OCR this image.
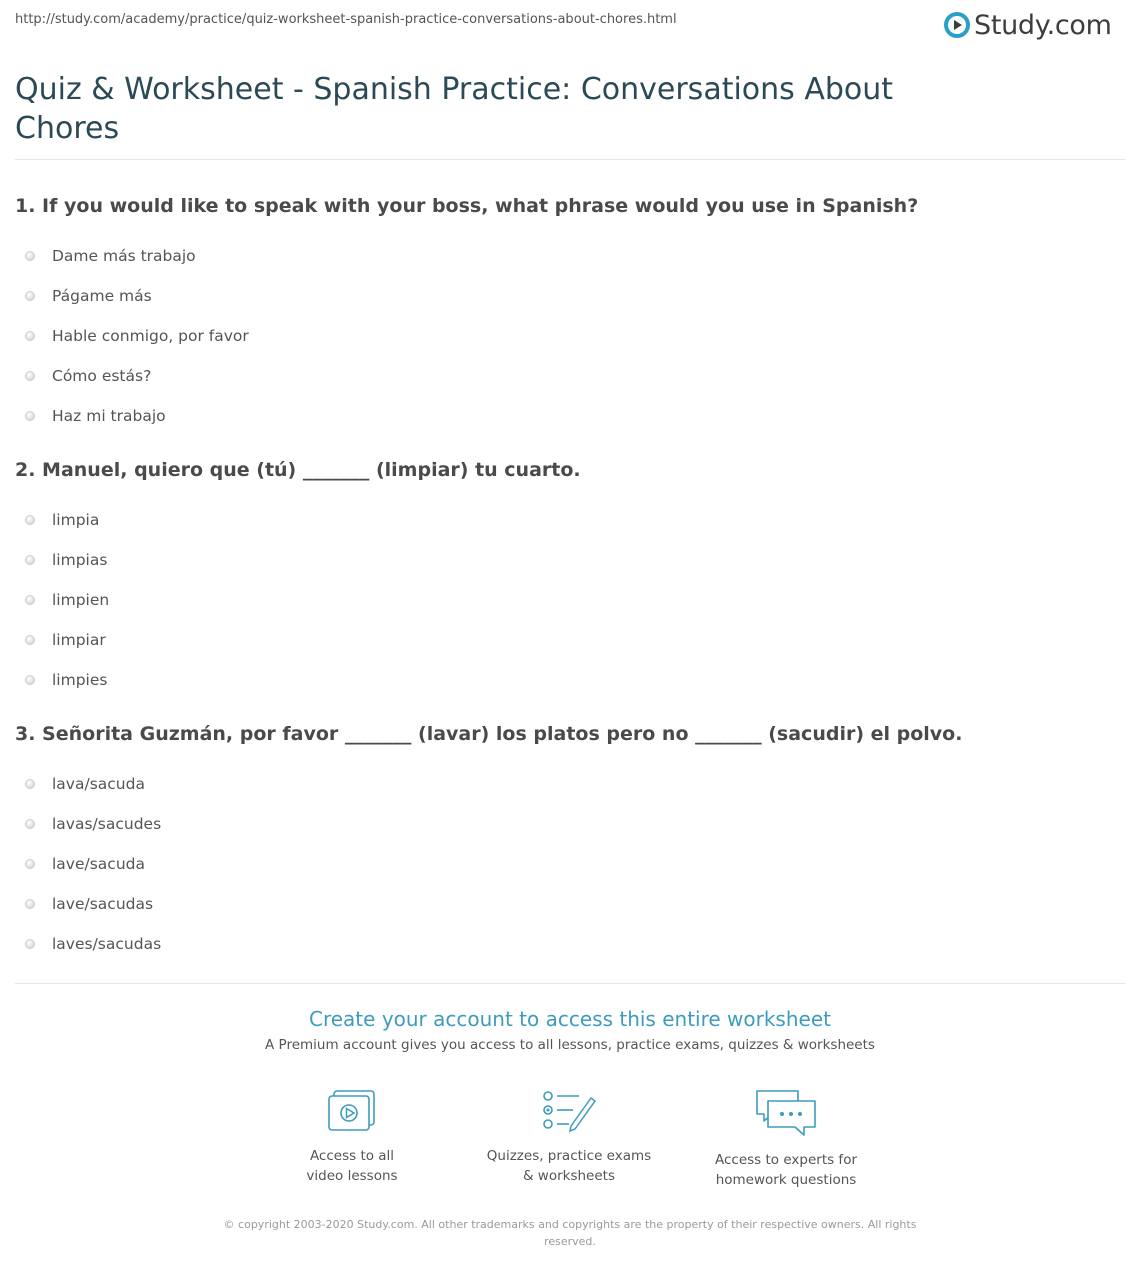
http://study.com/academy/practice/quiz-worksheet-spanish-practice-conversations-about-chores.html	Study.com
Quiz & Worksheet - Spanish Practice: Conversations About Chores

1. If you would like to speak with your boss, what phrase would you use in Spanish?

Dame más trabajo
Págame más
Hable conmigo, por favor
Cómo estás?
Haz mi trabajo

2. Manuel, quiero que (tú) _______ (limpiar) tu cuarto.

limpia
limpias
limpien
limpiar
limpies

3. Señorita Guzmán, por favor _______ (lavar) los platos pero no _______ (sacudir) el polvo.

lava/sacuda
lavas/sacudes
lave/sacuda
lave/sacudas
laves/sacudas
Create your account to access this entire worksheet
A Premium account gives you access to all lessons, practice exams, quizzes & worksheets
Access to all
video lessons
Quizzes, practice exams
& worksheets
Access to experts for
homework questions
© copyright 2003-2020 Study.com. All other trademarks and copyrights are the property of their respective owners. All rights
reserved.
